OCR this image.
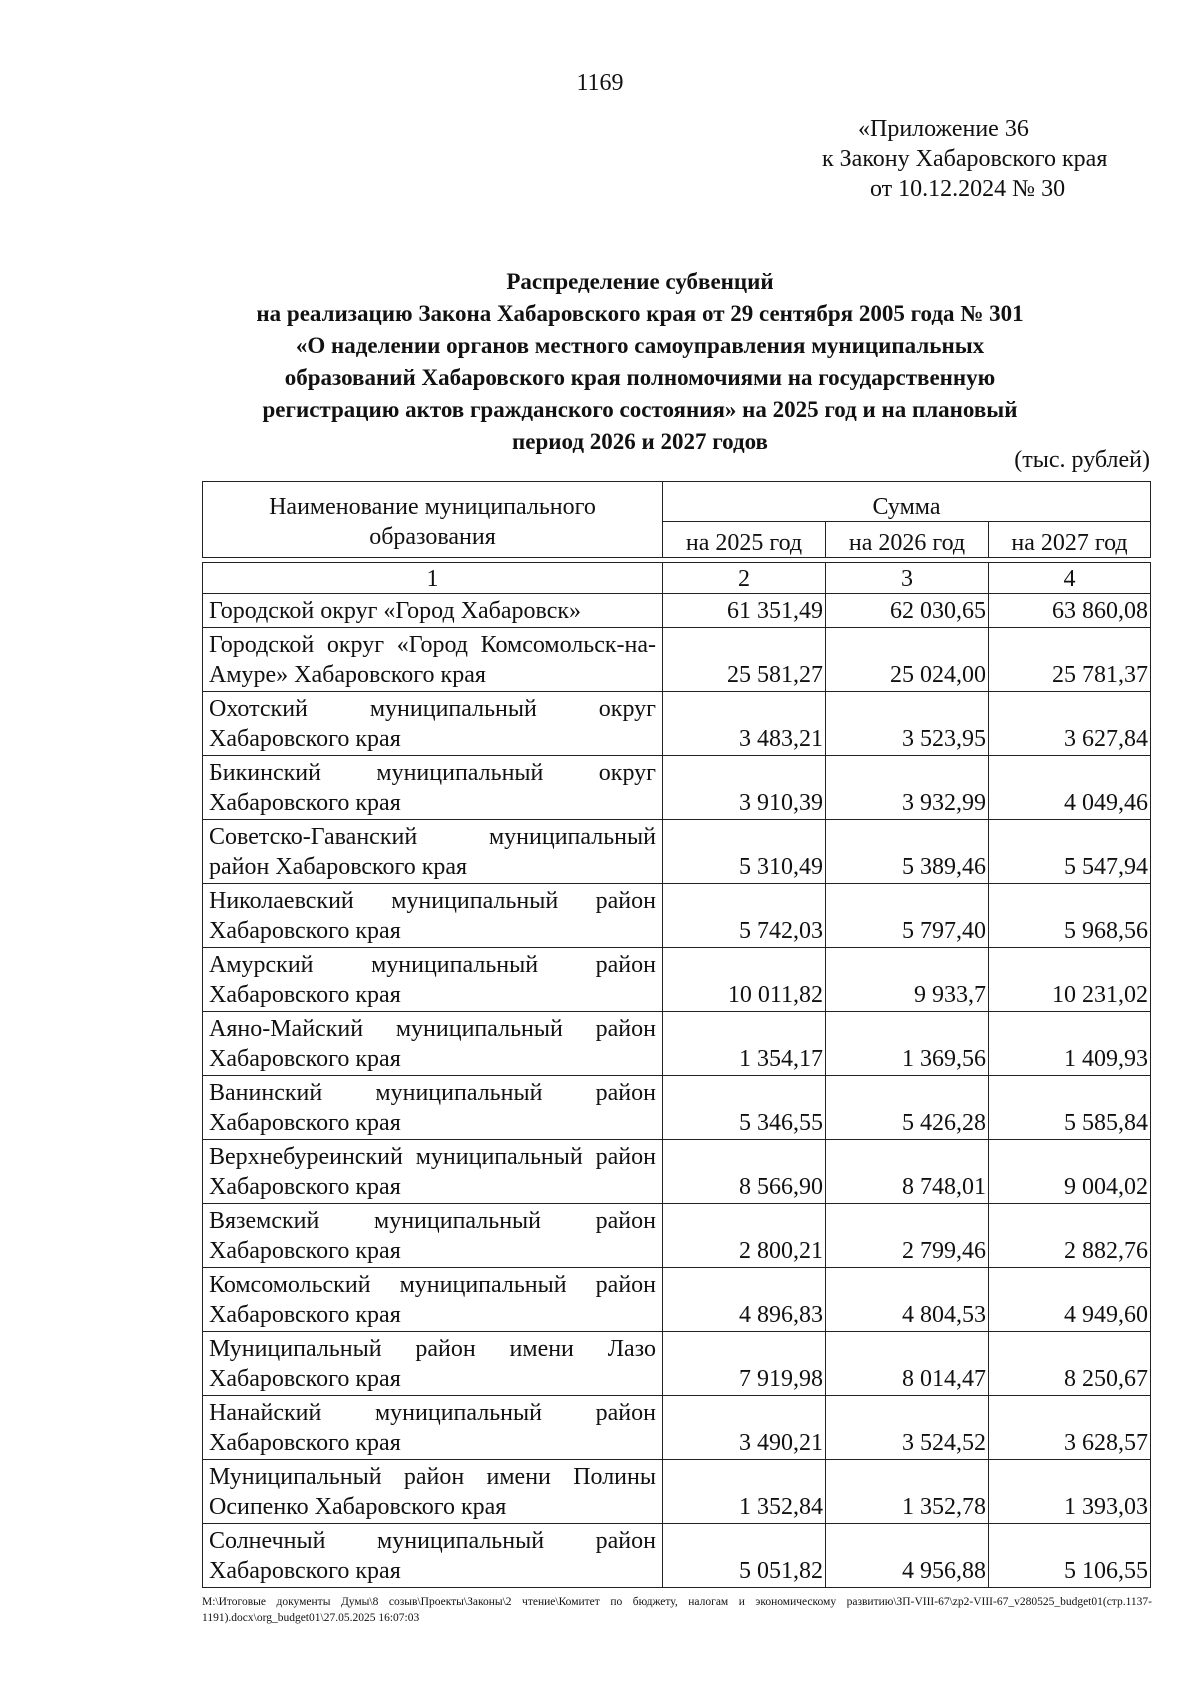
1169
«Приложение 36
к Закону Хабаровского края
от 10.12.2024 № 30
Распределение субвенций
на реализацию Закона Хабаровского края от 29 сентября 2005 года № 301
«О наделении органов местного самоуправления муниципальных
образований Хабаровского края полномочиями на государственную
регистрацию актов гражданского состояния» на 2025 год и на плановый
период 2026 и 2027 годов
(тыс. рублей)
Наименование муниципального образования	Сумма		
	на 2025 год	на 2026 год	на 2027 год

1	2	3	4
Городской округ «Город Хабаровск»	61 351,49	62 030,65	63 860,08
Городской округ «Город Комсомольск-на-Амуре» Хабаровского края	25 581,27	25 024,00	25 781,37
Охотский муниципальный округ Хабаровского края	3 483,21	3 523,95	3 627,84
Бикинский муниципальный округ Хабаровского края	3 910,39	3 932,99	4 049,46
Советско-Гаванский муниципальный район Хабаровского края	5 310,49	5 389,46	5 547,94
Николаевский муниципальный район Хабаровского края	5 742,03	5 797,40	5 968,56
Амурский муниципальный район Хабаровского края	10 011,82	9 933,7	10 231,02
Аяно-Майский муниципальный район Хабаровского края	1 354,17	1 369,56	1 409,93
Ванинский муниципальный район Хабаровского края	5 346,55	5 426,28	5 585,84
Верхнебуреинский муниципальный район Хабаровского края	8 566,90	8 748,01	9 004,02
Вяземский муниципальный район Хабаровского края	2 800,21	2 799,46	2 882,76
Комсомольский муниципальный район Хабаровского края	4 896,83	4 804,53	4 949,60
Муниципальный район имени Лазо Хабаровского края	7 919,98	8 014,47	8 250,67
Нанайский муниципальный район Хабаровского края	3 490,21	3 524,52	3 628,57
Муниципальный район имени Полины Осипенко Хабаровского края	1 352,84	1 352,78	1 393,03
Солнечный муниципальный район Хабаровского края	5 051,82	4 956,88	5 106,55
M:\Итоговые документы Думы\8 созыв\Проекты\Законы\2 чтение\Комитет по бюджету, налогам и экономическому развитию\ЗП-VIII-67\zp2-VIII-67_v280525_budget01(стр.1137-1191).docx\org_budget01\27.05.2025 16:07:03
